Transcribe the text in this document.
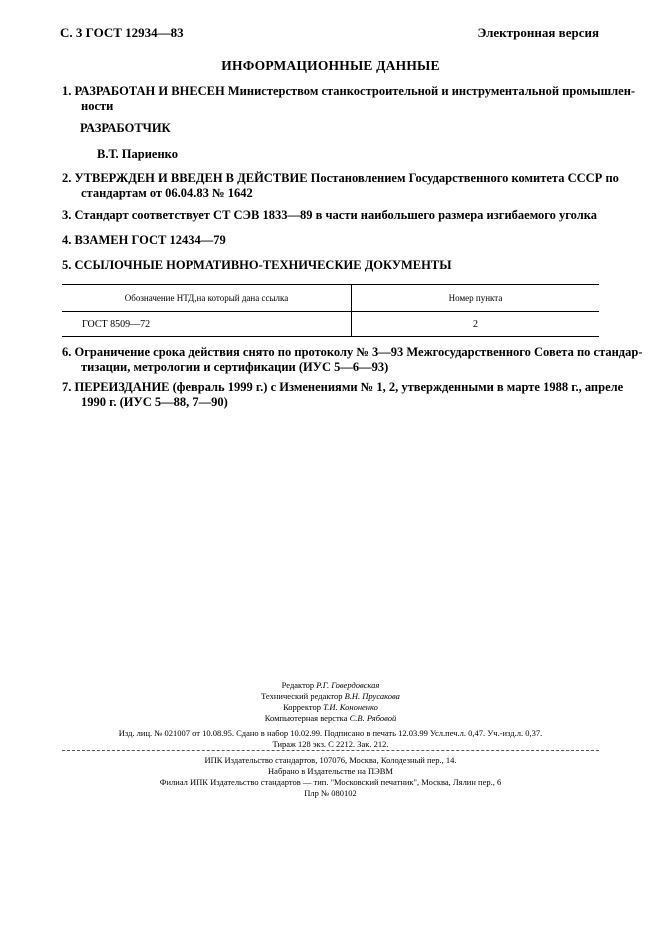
С. 3 ГОСТ 12934—83	Электронная версия
ИНФОРМАЦИОННЫЕ ДАННЫЕ
1. РАЗРАБОТАН И ВНЕСЕН Министерством станкостроительной и инструментальной промышлен-
ности
РАЗРАБОТЧИК
В.Т. Париенко
2. УТВЕРЖДЕН И ВВЕДЕН В ДЕЙСТВИЕ Постановлением Государственного комитета СССР по
стандартам от 06.04.83 № 1642
3. Стандарт соответствует СТ СЭВ 1833—89 в части наибольшего размера изгибаемого уголка
4. ВЗАМЕН ГОСТ 12434—79
5. ССЫЛОЧНЫЕ НОРМАТИВНО-ТЕХНИЧЕСКИЕ ДОКУМЕНТЫ
Обозначение НТД,на который дана ссылка	Номер пункта
ГОСТ 8509—72	2
6. Ограничение срока действия снято по протоколу № 3—93 Межгосударственного Совета по стандар-
тизации, метрологии и сертификации (ИУС 5—6—93)
7. ПЕРЕИЗДАНИЕ (февраль 1999 г.) с Изменениями № 1, 2, утвержденными в марте 1988 г., апреле
1990 г. (ИУС 5—88, 7—90)
Редактор Р.Г. Говердовская
Технический редактор В.Н. Прусакова
Корректор Т.И. Кононенко
Компьютерная верстка С.В. Рябовой
Изд. лиц. № 021007 от 10.08.95. Сдано в набор 10.02.99. Подписано в печать 12.03.99 Усл.печ.л. 0,47. Уч.-изд.л. 0,37.
Тираж 128 экз. С 2212. Зак. 212.
ИПК Издательство стандартов, 107076, Москва, Колодезный пер., 14.
Набрано в Издательстве на ПЭВМ
Филиал ИПК Издательство стандартов — тип. "Московский печатник", Москва, Лялин пер., 6
Плр № 080102
